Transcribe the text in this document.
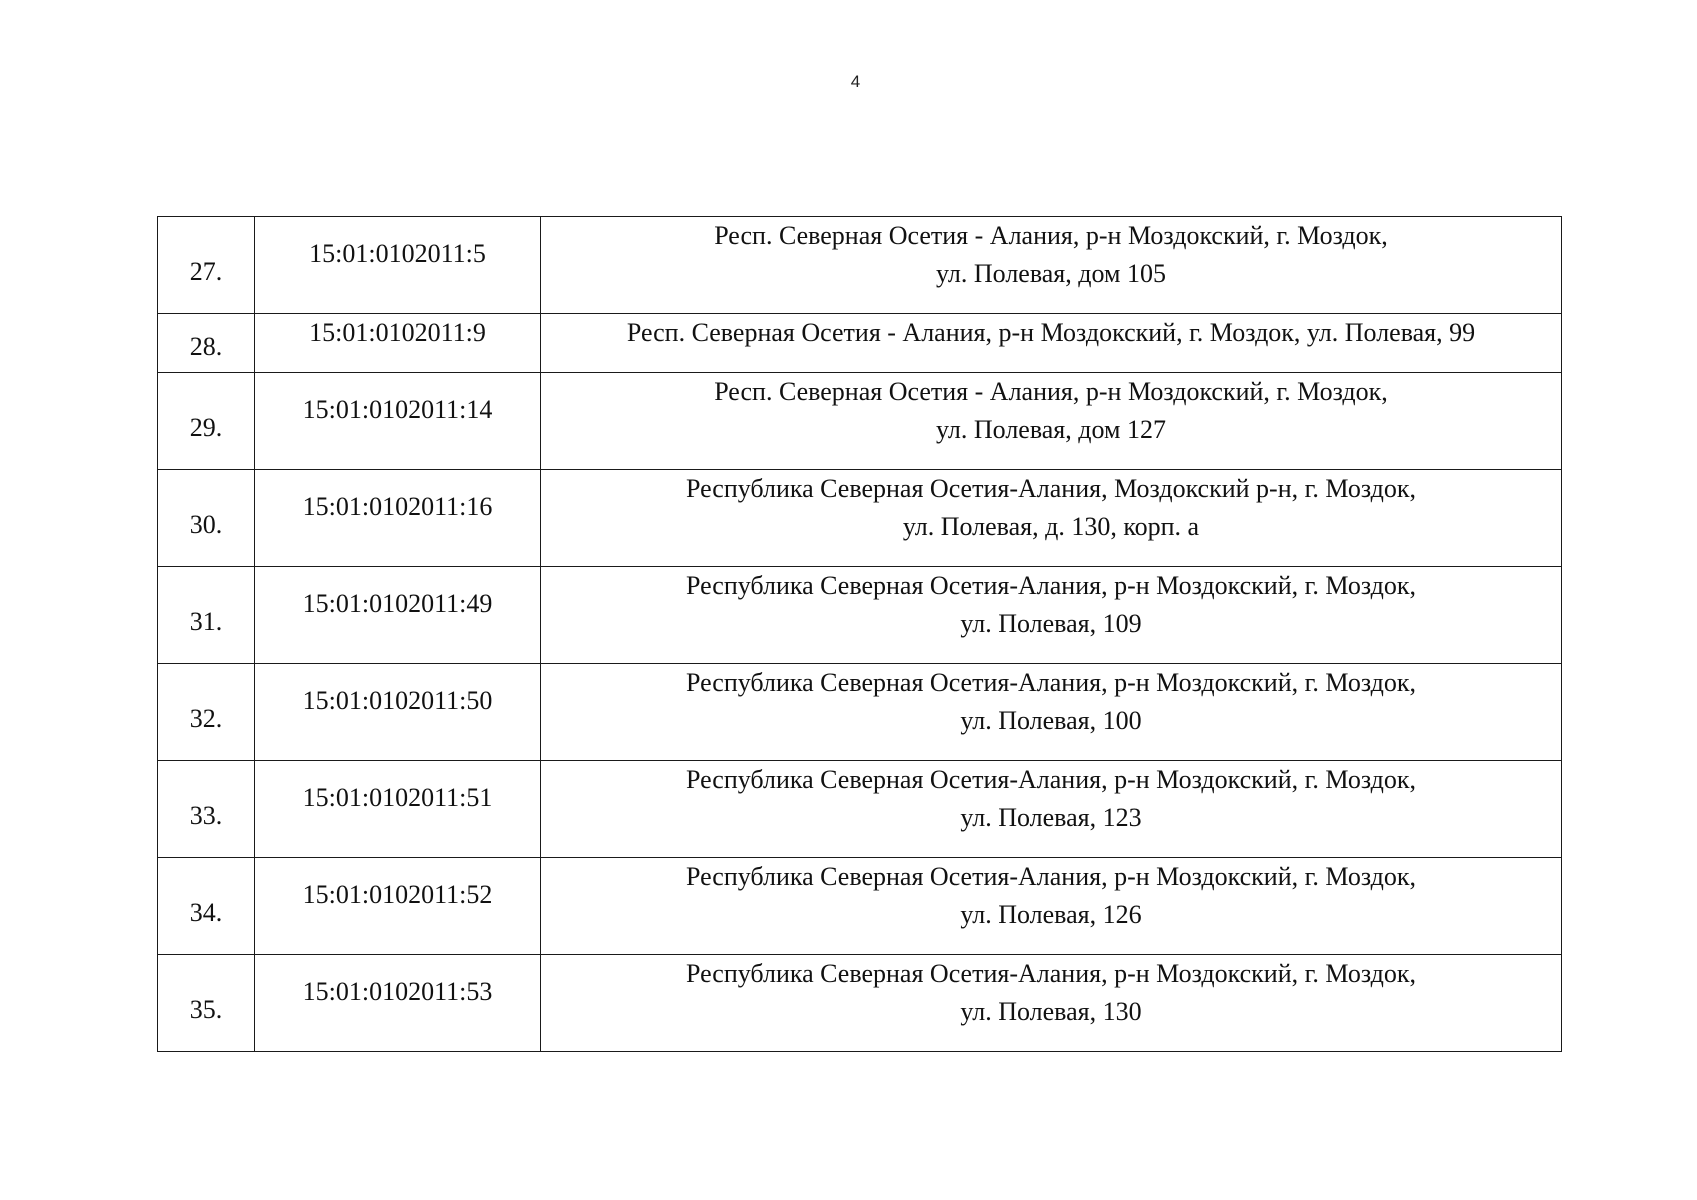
4
27.	15:01:0102011:5	Респ. Северная Осетия - Алания, р-н Моздокский, г. Моздок,
ул. Полевая, дом 105

28.	15:01:0102011:9	Респ. Северная Осетия - Алания, р-н Моздокский, г. Моздок, ул. Полевая, 99

29.	15:01:0102011:14	Респ. Северная Осетия - Алания, р-н Моздокский, г. Моздок,
ул. Полевая, дом 127

30.	15:01:0102011:16	Республика Северная Осетия-Алания, Моздокский р-н, г. Моздок,
ул. Полевая, д. 130, корп. а

31.	15:01:0102011:49	Республика Северная Осетия-Алания, р-н Моздокский, г. Моздок,
ул. Полевая, 109

32.	15:01:0102011:50	Республика Северная Осетия-Алания, р-н Моздокский, г. Моздок,
ул. Полевая, 100

33.	15:01:0102011:51	Республика Северная Осетия-Алания, р-н Моздокский, г. Моздок,
ул. Полевая, 123

34.	15:01:0102011:52	Республика Северная Осетия-Алания, р-н Моздокский, г. Моздок,
ул. Полевая, 126

35.	15:01:0102011:53	Республика Северная Осетия-Алания, р-н Моздокский, г. Моздок,
ул. Полевая, 130
